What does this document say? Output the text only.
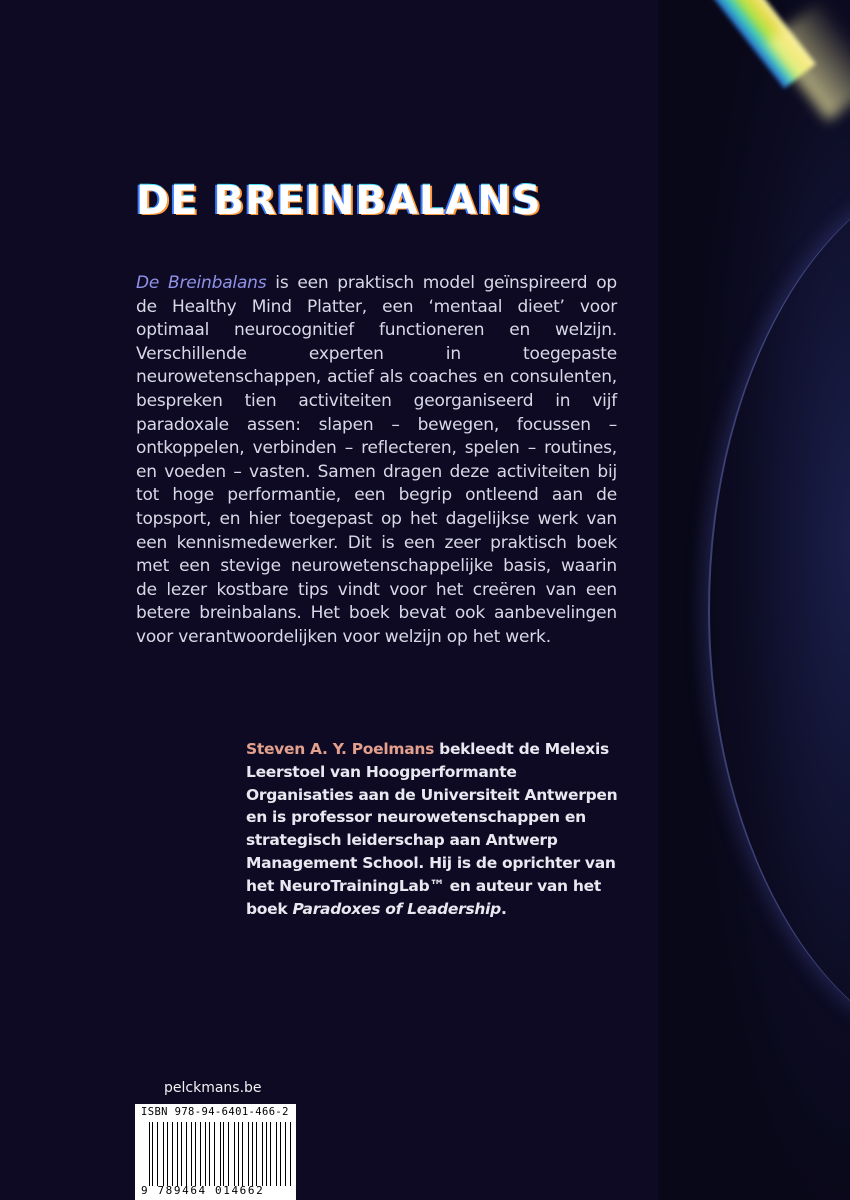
DE BREINBALANS

De Breinbalans is een praktisch model geïnspireerd op de Healthy Mind Platter, een ‘mentaal dieet’ voor optimaal neurocognitief functioneren en welzijn. Verschillende experten in toegepaste neurowetenschappen, actief als coaches en consulenten, bespreken tien activiteiten georganiseerd in vijf paradoxale assen: slapen – bewegen, focussen – ontkoppelen, verbinden – reflecteren, spelen – routines, en voeden – vasten. Samen dragen deze activiteiten bij tot hoge performantie, een begrip ontleend aan de topsport, en hier toegepast op het dagelijkse werk van een kennismedewerker. Dit is een zeer praktisch boek met een stevige neurowetenschappelijke basis, waarin de lezer kostbare tips vindt voor het creëren van een betere breinbalans. Het boek bevat ook aanbevelingen voor verantwoordelijken voor welzijn op het werk.

Steven A. Y. Poelmans bekleedt de Melexis Leerstoel van Hoogperformante Organisaties aan de Universiteit Antwerpen en is professor neurowetenschappen en strategisch leiderschap aan Antwerp Management School. Hij is de oprichter van het NeuroTrainingLab™ en auteur van het boek Paradoxes of Leadership.

pelckmans.be

ISBN 978-94-6401-466-2
9 789464 014662
